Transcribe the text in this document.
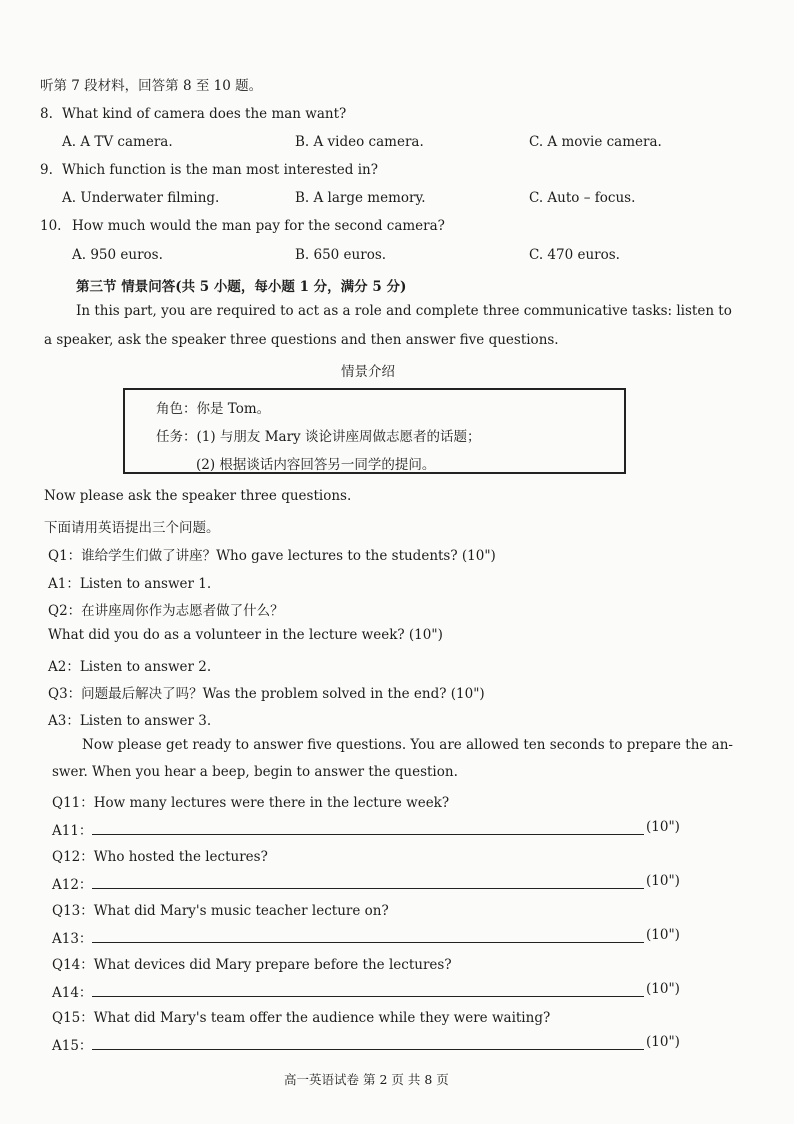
听第 7 段材料，回答第 8 至 10 题。
8. What kind of camera does the man want?
A. A TV camera.	B. A video camera.	C. A movie camera.
9. Which function is the man most interested in?
A. Underwater filming.	B. A large memory.	C. Auto – focus.
10. How much would the man pay for the second camera?
A. 950 euros.	B. 650 euros.	C. 470 euros.
第三节 情景问答(共 5 小题，每小题 1 分，满分 5 分)
In this part, you are required to act as a role and complete three communicative tasks: listen to
a speaker, ask the speaker three questions and then answer five questions.
情景介绍
角色：你是 Tom。
任务：(1) 与朋友 Mary 谈论讲座周做志愿者的话题；
(2) 根据谈话内容回答另一同学的提问。
Now please ask the speaker three questions.
下面请用英语提出三个问题。
Q1：谁给学生们做了讲座？Who gave lectures to the students? (10")
A1：Listen to answer 1.
Q2：在讲座周你作为志愿者做了什么？
What did you do as a volunteer in the lecture week? (10")
A2：Listen to answer 2.
Q3：问题最后解决了吗？Was the problem solved in the end? (10")
A3：Listen to answer 3.
Now please get ready to answer five questions. You are allowed ten seconds to prepare the an-
swer. When you hear a beep, begin to answer the question.
Q11：How many lectures were there in the lecture week?
A11：	(10")
Q12：Who hosted the lectures?
A12：	(10")
Q13：What did Mary's music teacher lecture on?
A13：	(10")
Q14：What devices did Mary prepare before the lectures?
A14：	(10")
Q15：What did Mary's team offer the audience while they were waiting?
A15：	(10")
高一英语试卷 第 2 页 共 8 页
